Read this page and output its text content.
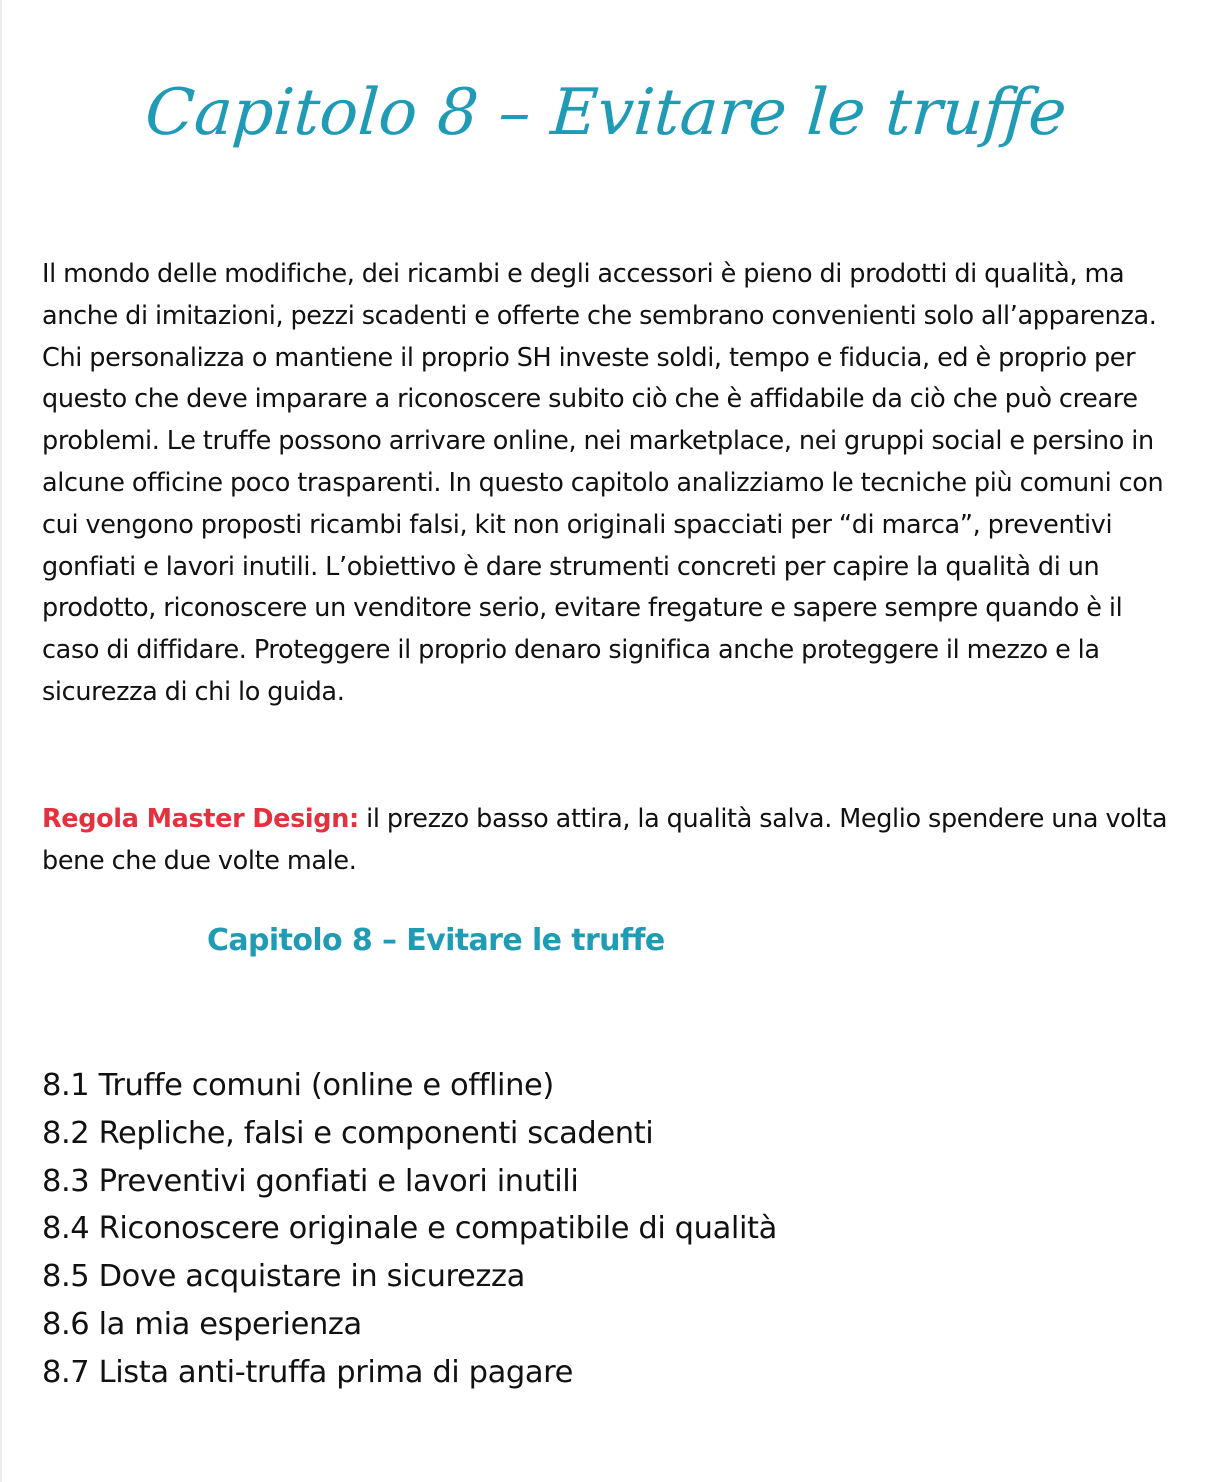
Capitolo 8 – Evitare le truffe

Il mondo delle modifiche, dei ricambi e degli accessori è pieno di prodotti di qualità, ma anche di imitazioni, pezzi scadenti e offerte che sembrano convenienti solo all’apparenza. Chi personalizza o mantiene il proprio SH investe soldi, tempo e fiducia, ed è proprio per questo che deve imparare a riconoscere subito ciò che è affidabile da ciò che può creare problemi. Le truffe possono arrivare online, nei marketplace, nei gruppi social e persino in alcune officine poco trasparenti. In questo capitolo analizziamo le tecniche più comuni con cui vengono proposti ricambi falsi, kit non originali spacciati per “di marca”, preventivi gonfiati e lavori inutili. L’obiettivo è dare strumenti concreti per capire la qualità di un prodotto, riconoscere un venditore serio, evitare fregature e sapere sempre quando è il caso di diffidare. Proteggere il proprio denaro significa anche proteggere il mezzo e la sicurezza di chi lo guida.

Regola Master Design: il prezzo basso attira, la qualità salva. Meglio spendere una volta bene che due volte male.

Capitolo 8 – Evitare le truffe
8.1 Truffe comuni (online e offline)
8.2 Repliche, falsi e componenti scadenti
8.3 Preventivi gonfiati e lavori inutili
8.4 Riconoscere originale e compatibile di qualità
8.5 Dove acquistare in sicurezza
8.6 la mia esperienza
8.7 Lista anti-truffa prima di pagare
